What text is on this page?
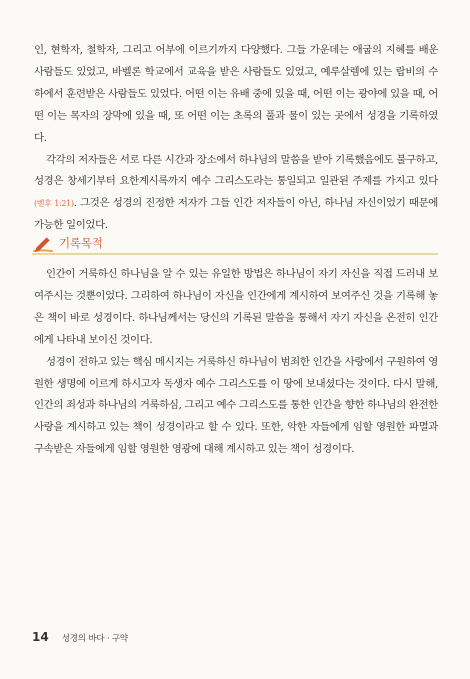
인, 현학자, 철학자, 그리고 어부에 이르기까지 다양했다. 그들 가운데는 애굽의 지혜를 배운 사람들도 있었고, 바벨론 학교에서 교육을 받은 사람들도 있었고, 예루살렘에 있는 랍비의 수하에서 훈련받은 사람들도 있었다. 어떤 이는 유배 중에 있을 때, 어떤 이는 광야에 있을 때, 어떤 이는 목자의 장막에 있을 때, 또 어떤 이는 초록의 풀과 물이 있는 곳에서 성경을 기록하였다.

각각의 저자들은 서로 다른 시간과 장소에서 하나님의 말씀을 받아 기록했음에도 불구하고, 성경은 창세기부터 요한계시록까지 예수 그리스도라는 통일되고 일관된 주제를 가지고 있다(벧후 1:21). 그것은 성경의 진정한 저자가 그들 인간 저자들이 아닌, 하나님 자신이었기 때문에 가능한 일이었다.

기록목적

인간이 거룩하신 하나님을 알 수 있는 유일한 방법은 하나님이 자기 자신을 직접 드러내 보여주시는 것뿐이었다. 그리하여 하나님이 자신을 인간에게 계시하여 보여주신 것을 기록해 놓은 책이 바로 성경이다. 하나님께서는 당신의 기록된 말씀을 통해서 자기 자신을 온전히 인간에게 나타내 보이신 것이다.

성경이 전하고 있는 핵심 메시지는 거룩하신 하나님이 범죄한 인간을 사랑에서 구원하여 영원한 생명에 이르게 하시고자 독생자 예수 그리스도를 이 땅에 보내셨다는 것이다. 다시 말해, 인간의 죄성과 하나님의 거룩하심, 그리고 예수 그리스도를 통한 인간을 향한 하나님의 완전한 사랑을 계시하고 있는 책이 성경이라고 할 수 있다. 또한, 악한 자들에게 임할 영원한 파멸과 구속받은 자들에게 임할 영원한 영광에 대해 계시하고 있는 책이 성경이다.

14 성경의 바다 · 구약
